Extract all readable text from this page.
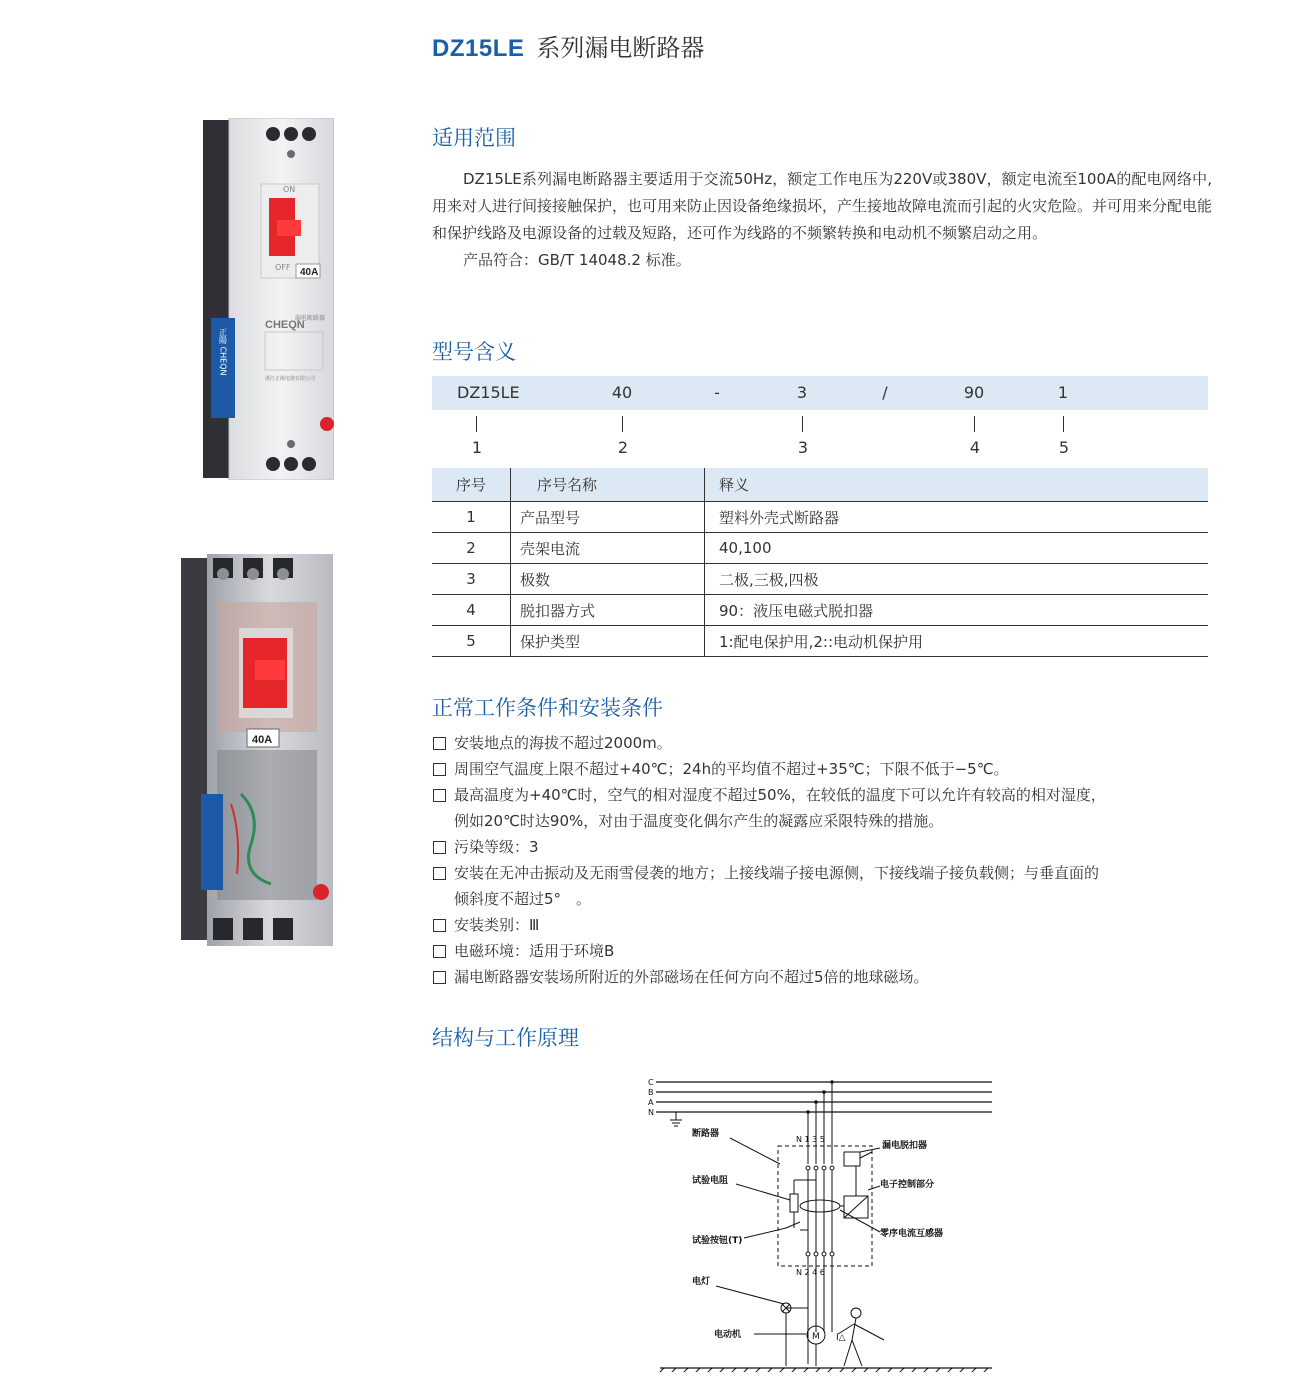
DZ15LE 系列漏电断路器
ON
OFF 40A
CHEQN
漏电断路器
浙江正陽电器有限公司
正陽 CHEQN
40A
适用范围

DZ15LE系列漏电断路器主要适用于交流50Hz，额定工作电压为220V或380V，额定电流至100A的配电网络中,用来对人进行间接接触保护，也可用来防止因设备绝缘损坏，产生接地故障电流而引起的火灾危险。并可用来分配电能和保护线路及电源设备的过载及短路，还可作为线路的不频繁转换和电动机不频繁启动之用。

产品符合：GB/T 14048.2 标准。

型号含义
DZ15LE	40	-	3	/	90	1
1	2	3	4	5
序号	序号名称	释义
1	产品型号	塑料外壳式断路器
2	壳架电流	40,100
3	极数	二极,三极,四极
4	脱扣器方式	90：液压电磁式脱扣器
5	保护类型	1:配电保护用,2::电动机保护用
正常工作条件和安装条件
安装地点的海拔不超过2000m。
周围空气温度上限不超过+40℃；24h的平均值不超过+35℃；下限不低于−5℃。
最高温度为+40℃时，空气的相对湿度不超过50%，在较低的温度下可以允许有较高的相对湿度，
例如20℃时达90%，对由于温度变化偶尔产生的凝露应采限特殊的措施。
污染等级：3
安装在无冲击振动及无雨雪侵袭的地方；上接线端子接电源侧，下接线端子接负载侧；与垂直面的
倾斜度不超过5°　。
安装类别：Ⅲ
电磁环境：适用于环境B
漏电断路器安装场所附近的外部磁场在任何方向不超过5倍的地球磁场。
结构与工作原理
C
B
A
N
N 1 3 5
N 2 4 6
M I△
断路器
漏电脱扣器
电子控制部分
试验电阻
零序电流互感器
试验按钮(T)
电灯
电动机
